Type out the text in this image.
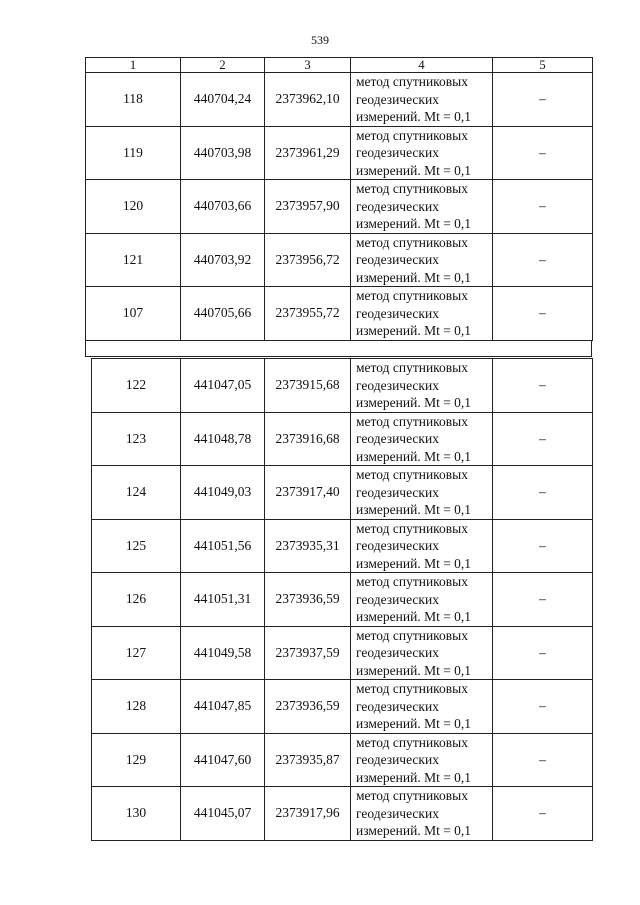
539
1	2	3	4	5
118	440704,24	2373962,10	метод спутниковых
геодезических
измерений. Mt = 0,1	–
119	440703,98	2373961,29	метод спутниковых
геодезических
измерений. Mt = 0,1	–
120	440703,66	2373957,90	метод спутниковых
геодезических
измерений. Mt = 0,1	–
121	440703,92	2373956,72	метод спутниковых
геодезических
измерений. Mt = 0,1	–
107	440705,66	2373955,72	метод спутниковых
геодезических
измерений. Mt = 0,1	–
122	441047,05	2373915,68	метод спутниковых
геодезических
измерений. Mt = 0,1	–
123	441048,78	2373916,68	метод спутниковых
геодезических
измерений. Mt = 0,1	–
124	441049,03	2373917,40	метод спутниковых
геодезических
измерений. Mt = 0,1	–
125	441051,56	2373935,31	метод спутниковых
геодезических
измерений. Mt = 0,1	–
126	441051,31	2373936,59	метод спутниковых
геодезических
измерений. Mt = 0,1	–
127	441049,58	2373937,59	метод спутниковых
геодезических
измерений. Mt = 0,1	–
128	441047,85	2373936,59	метод спутниковых
геодезических
измерений. Mt = 0,1	–
129	441047,60	2373935,87	метод спутниковых
геодезических
измерений. Mt = 0,1	–
130	441045,07	2373917,96	метод спутниковых
геодезических
измерений. Mt = 0,1	–
